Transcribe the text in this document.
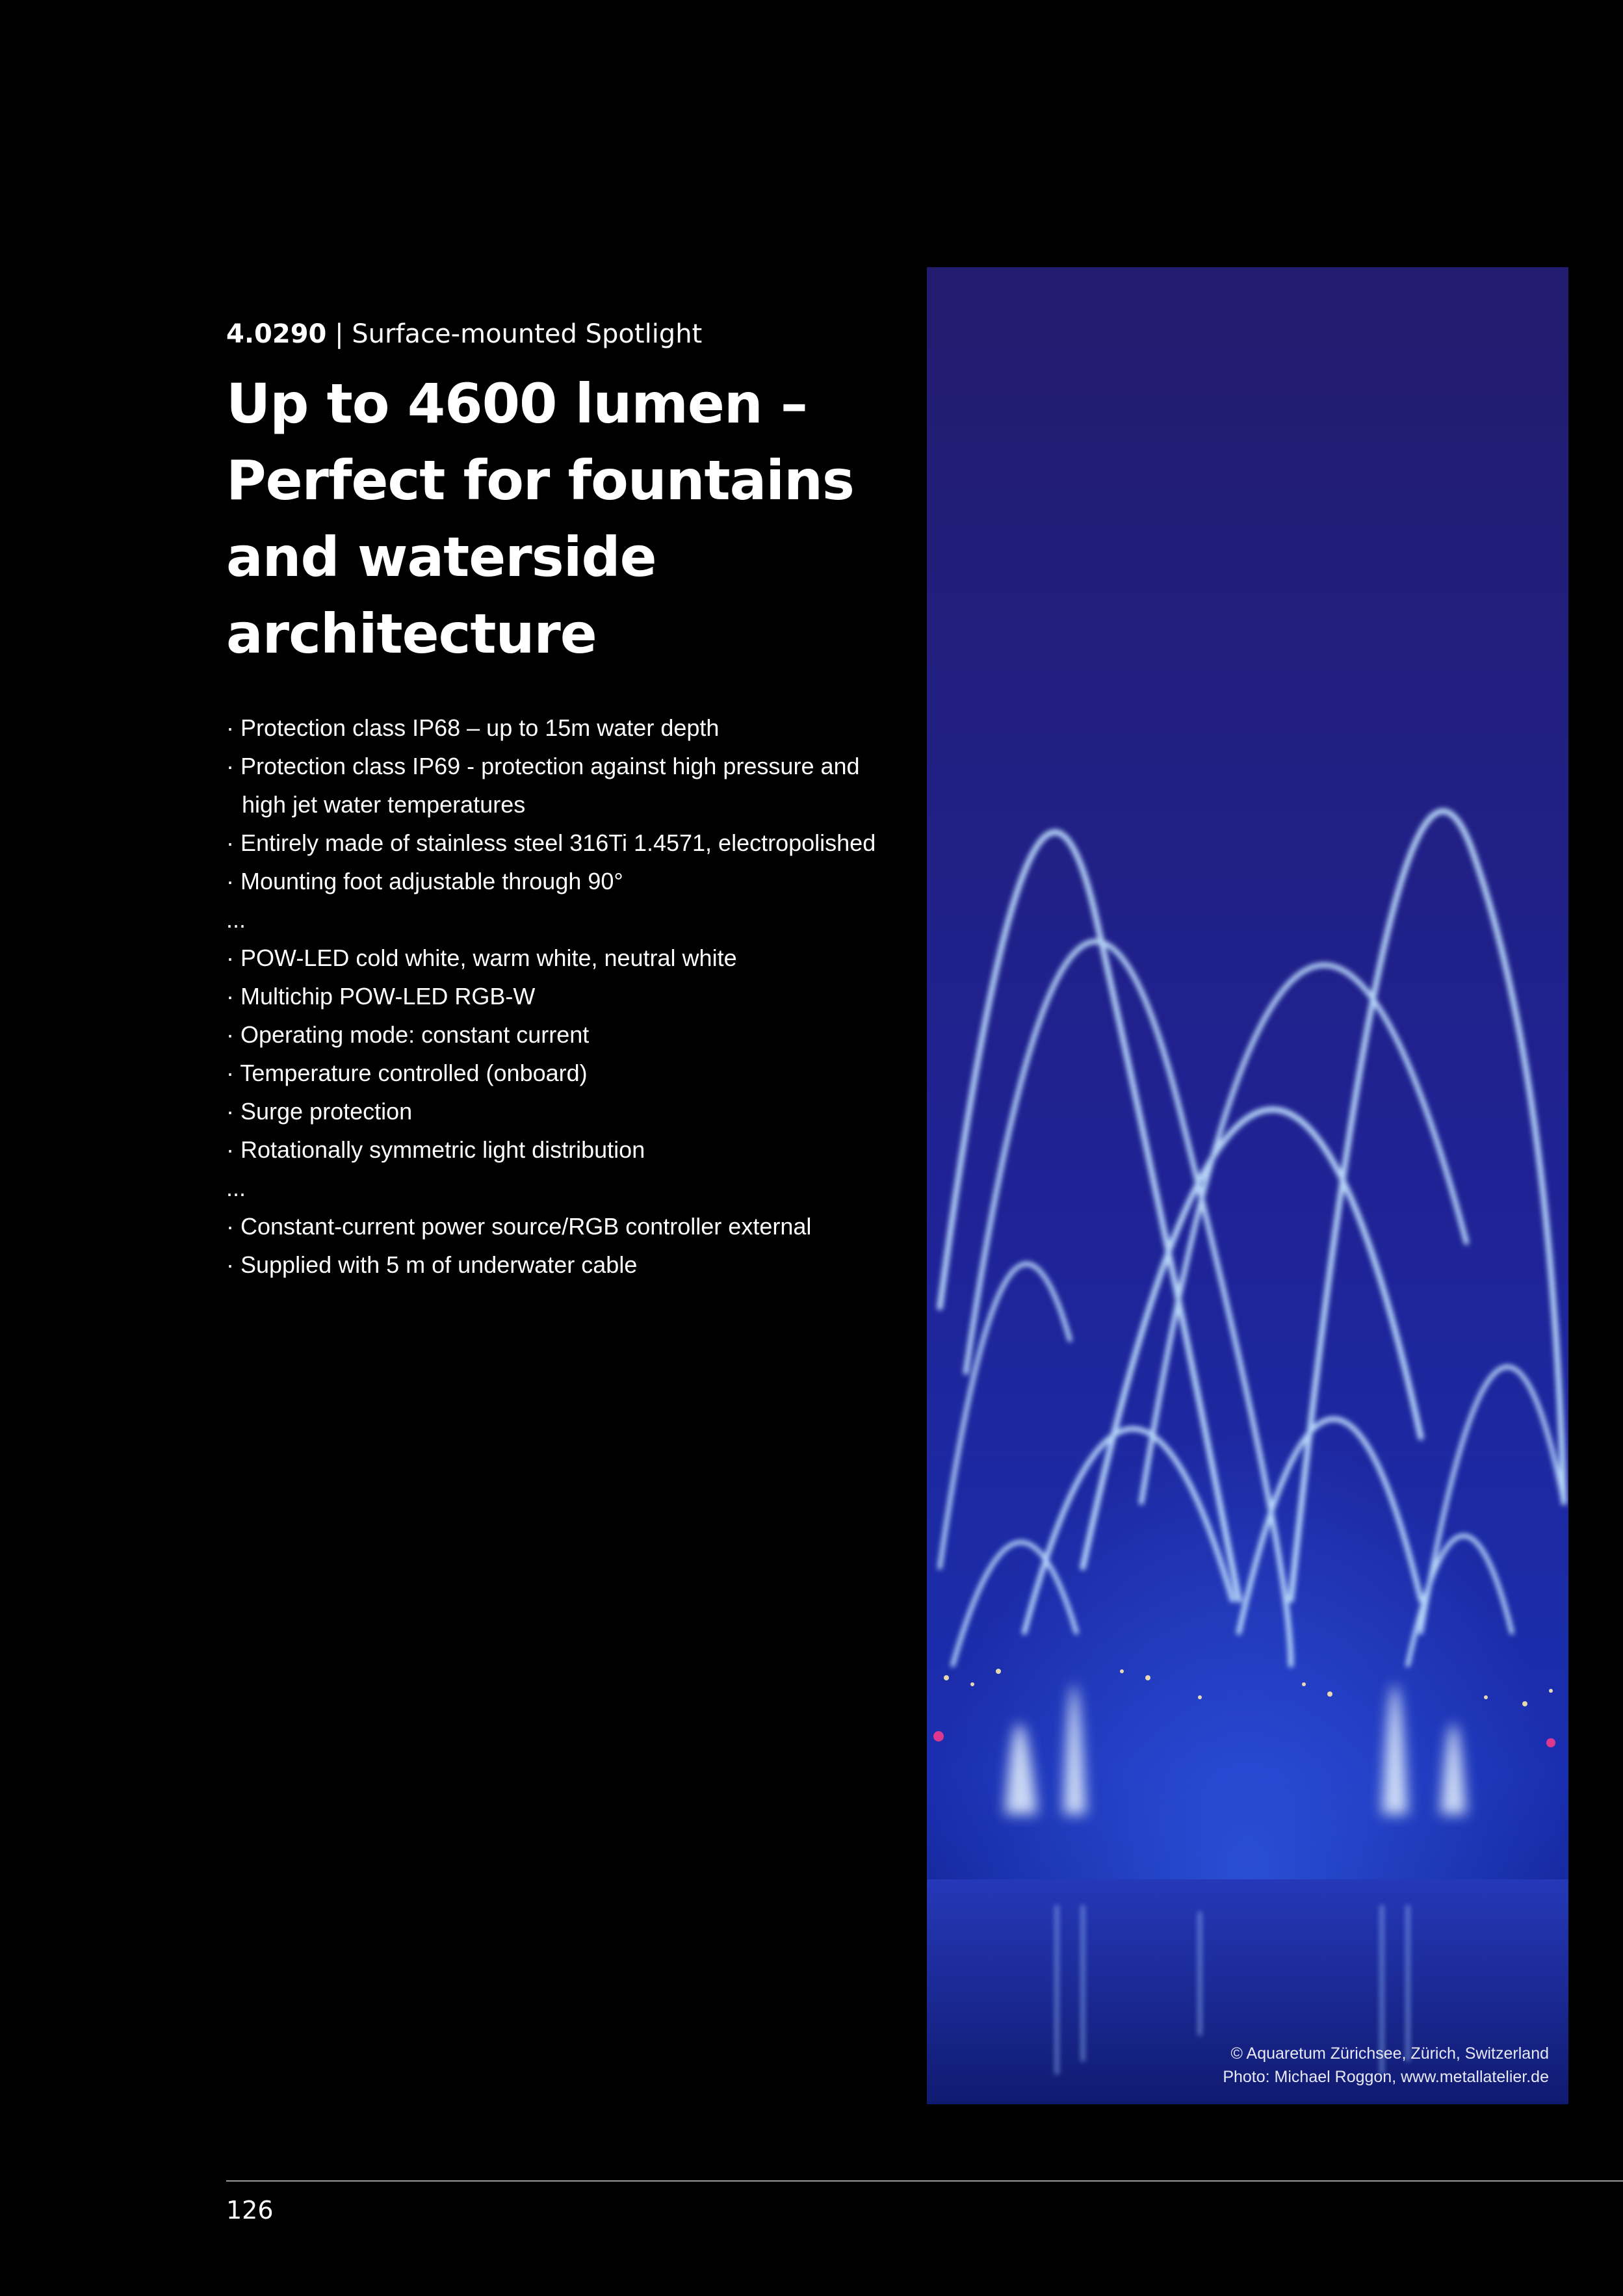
4.0290 | Surface-mounted Spotlight

Up to 4600 lumen –
Perfect for fountains
and waterside
architecture
· Protection class IP68 – up to 15m water depth
· Protection class IP69 - protection against high pressure and
high jet water temperatures
· Entirely made of stainless steel 316Ti 1.4571, electropolished
· Mounting foot adjustable through 90°
...
· POW-LED cold white, warm white, neutral white
· Multichip POW-LED RGB-W
· Operating mode: constant current
· Temperature controlled (onboard)
· Surge protection
· Rotationally symmetric light distribution
...
· Constant-current power source/RGB controller external
· Supplied with 5 m of underwater cable
© Aquaretum Zürichsee, Zürich, Switzerland
Photo: Michael Roggon, www.metallatelier.de
126
